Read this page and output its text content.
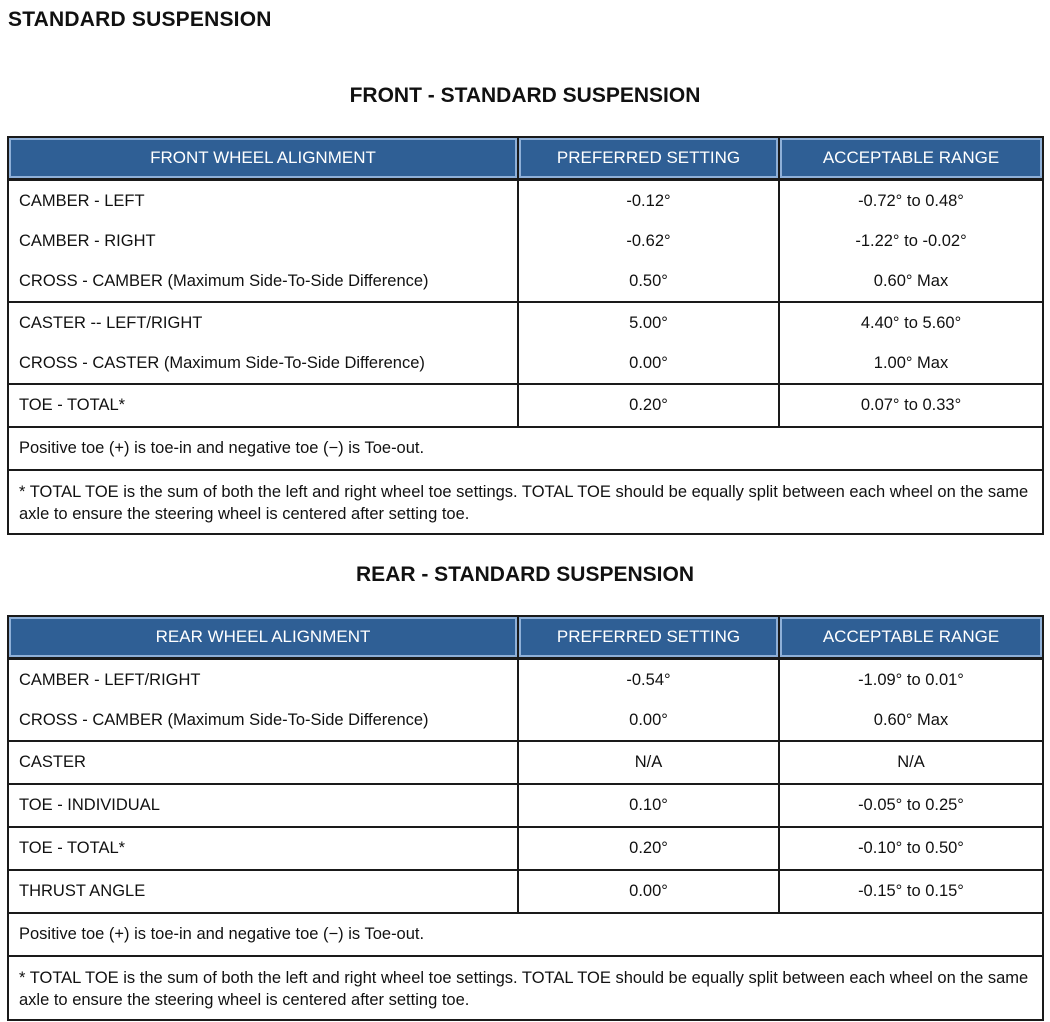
STANDARD SUSPENSION
FRONT - STANDARD SUSPENSION
FRONT WHEEL ALIGNMENT	PREFERRED SETTING	ACCEPTABLE RANGE
CAMBER - LEFT	-0.12°	-0.72° to 0.48°
CAMBER - RIGHT	-0.62°	-1.22° to -0.02°
CROSS - CAMBER (Maximum Side-To-Side Difference)	0.50°	0.60° Max
CASTER -- LEFT/RIGHT	5.00°	4.40° to 5.60°
CROSS - CASTER (Maximum Side-To-Side Difference)	0.00°	1.00° Max
TOE - TOTAL*	0.20°	0.07° to 0.33°
Positive toe (+) is toe-in and negative toe (−) is Toe-out.		
* TOTAL TOE is the sum of both the left and right wheel toe settings. TOTAL TOE should be equally split between each wheel on the same axle to ensure the steering wheel is centered after setting toe.		
REAR - STANDARD SUSPENSION
REAR WHEEL ALIGNMENT	PREFERRED SETTING	ACCEPTABLE RANGE
CAMBER - LEFT/RIGHT	-0.54°	-1.09° to 0.01°
CROSS - CAMBER (Maximum Side-To-Side Difference)	0.00°	0.60° Max
CASTER	N/A	N/A
TOE - INDIVIDUAL	0.10°	-0.05° to 0.25°
TOE - TOTAL*	0.20°	-0.10° to 0.50°
THRUST ANGLE	0.00°	-0.15° to 0.15°
Positive toe (+) is toe-in and negative toe (−) is Toe-out.		
* TOTAL TOE is the sum of both the left and right wheel toe settings. TOTAL TOE should be equally split between each wheel on the same axle to ensure the steering wheel is centered after setting toe.		
